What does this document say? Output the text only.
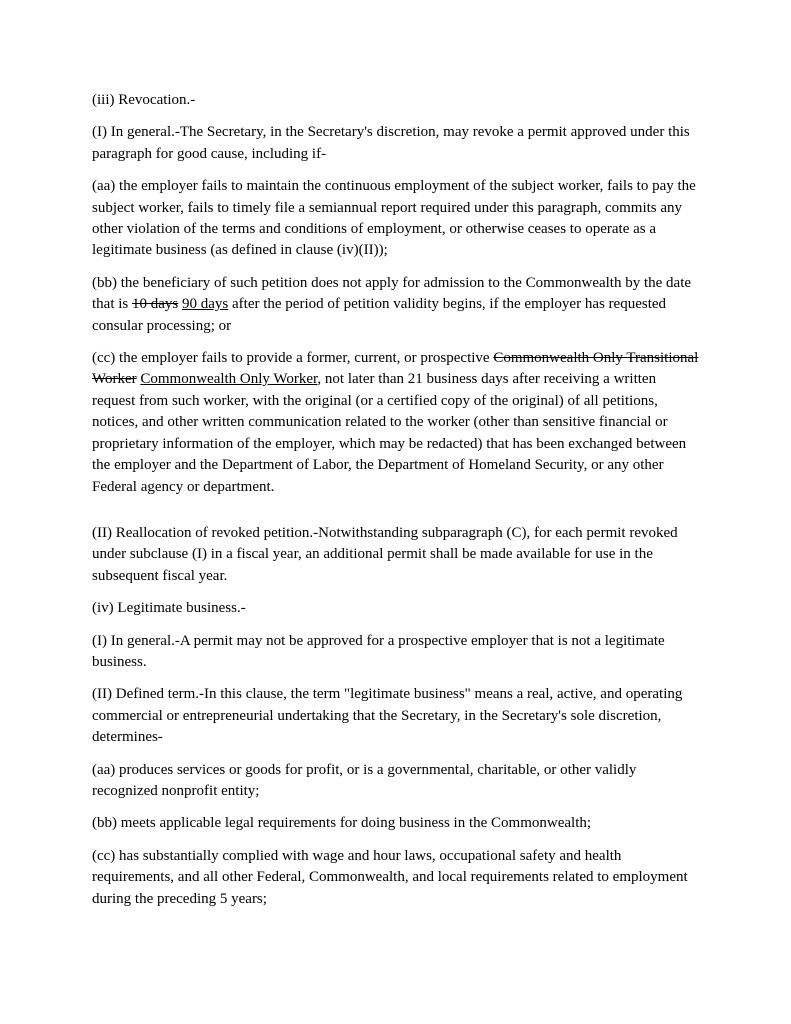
(iii) Revocation.-

(I) In general.-The Secretary, in the Secretary's discretion, may revoke a permit approved under this paragraph for good cause, including if-

(aa) the employer fails to maintain the continuous employment of the subject worker, fails to pay the subject worker, fails to timely file a semiannual report required under this paragraph, commits any other violation of the terms and conditions of employment, or otherwise ceases to operate as a legitimate business (as defined in clause (iv)(II));

(bb) the beneficiary of such petition does not apply for admission to the Commonwealth by the date that is 10 days 90 days after the period of petition validity begins, if the employer has requested consular processing; or

(cc) the employer fails to provide a former, current, or prospective Commonwealth Only Transitional Worker Commonwealth Only Worker, not later than 21 business days after receiving a written request from such worker, with the original (or a certified copy of the original) of all petitions, notices, and other written communication related to the worker (other than sensitive financial or proprietary information of the employer, which may be redacted) that has been exchanged between the employer and the Department of Labor, the Department of Homeland Security, or any other Federal agency or department.

(II) Reallocation of revoked petition.-Notwithstanding subparagraph (C), for each permit revoked under subclause (I) in a fiscal year, an additional permit shall be made available for use in the subsequent fiscal year.

(iv) Legitimate business.-

(I) In general.-A permit may not be approved for a prospective employer that is not a legitimate business.

(II) Defined term.-In this clause, the term "legitimate business" means a real, active, and operating commercial or entrepreneurial undertaking that the Secretary, in the Secretary's sole discretion, determines-

(aa) produces services or goods for profit, or is a governmental, charitable, or other validly recognized nonprofit entity;

(bb) meets applicable legal requirements for doing business in the Commonwealth;

(cc) has substantially complied with wage and hour laws, occupational safety and health requirements, and all other Federal, Commonwealth, and local requirements related to employment during the preceding 5 years;
